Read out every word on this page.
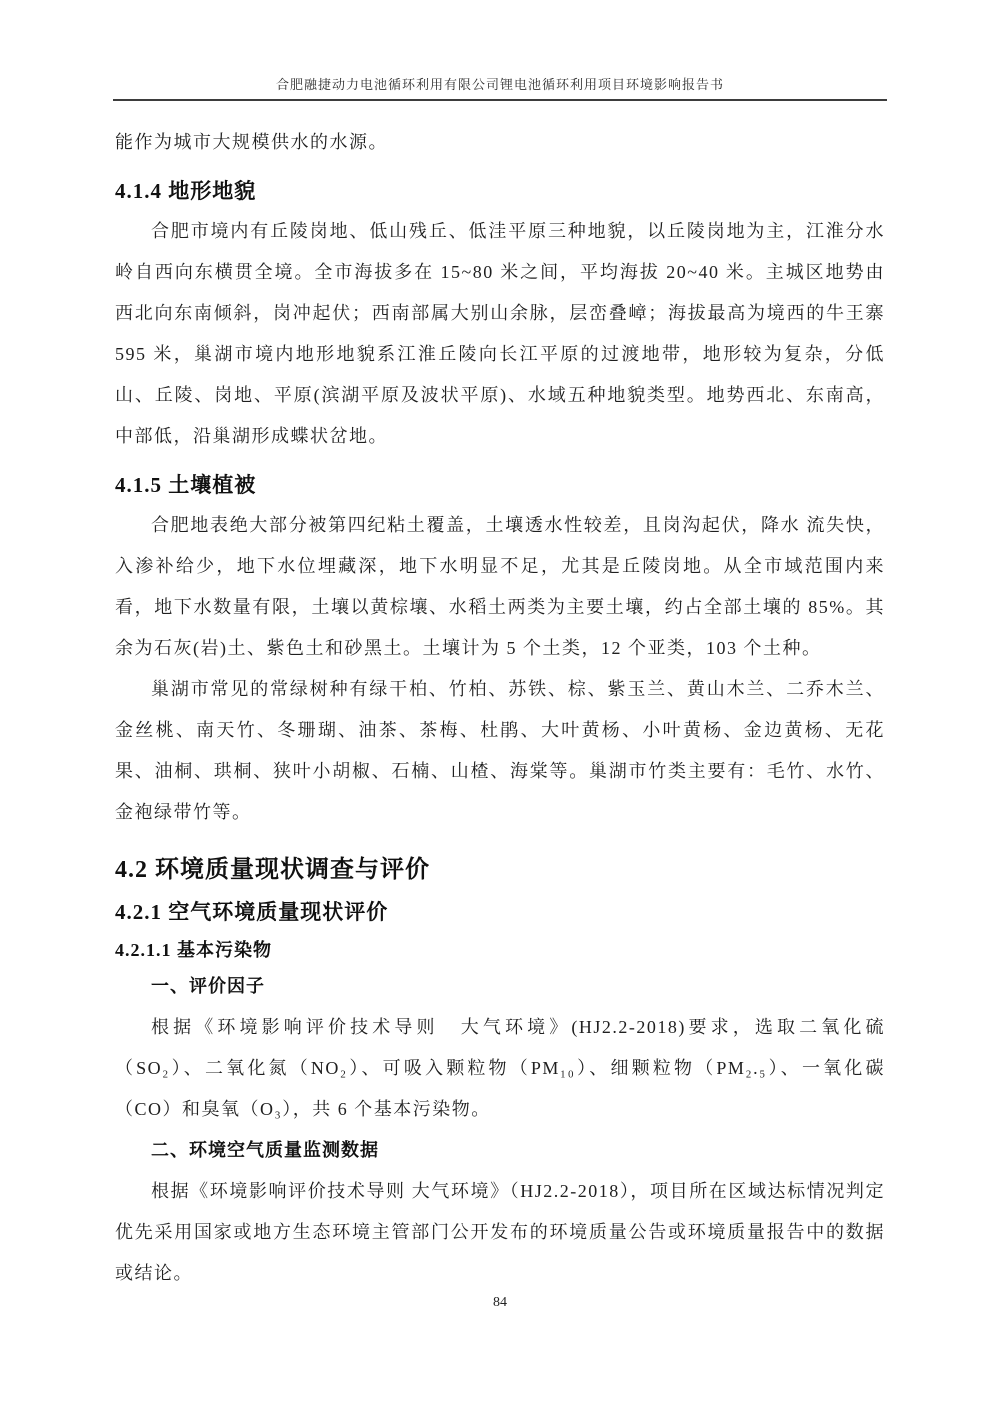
合肥融捷动力电池循环利用有限公司锂电池循环利用项目环境影响报告书

能作为城市大规模供水的水源。

4.1.4 地形地貌

合肥市境内有丘陵岗地、低山残丘、低洼平原三种地貌，以丘陵岗地为主，江淮分水岭自西向东横贯全境。全市海拔多在 15~80 米之间，平均海拔 20~40 米。主城区地势由西北向东南倾斜，岗冲起伏；西南部属大别山余脉，层峦叠嶂；海拔最高为境西的牛王寨 595 米，巢湖市境内地形地貌系江淮丘陵向长江平原的过渡地带，地形较为复杂，分低山、丘陵、岗地、平原(滨湖平原及波状平原)、水域五种地貌类型。地势西北、东南高，中部低，沿巢湖形成蝶状岔地。

4.1.5 土壤植被

合肥地表绝大部分被第四纪粘土覆盖，土壤透水性较差，且岗沟起伏，降水 流失快，入渗补给少，地下水位埋藏深，地下水明显不足，尤其是丘陵岗地。从全市域范围内来看，地下水数量有限，土壤以黄棕壤、水稻土两类为主要土壤，约占全部土壤的 85%。其余为石灰(岩)土、紫色土和砂黑土。土壤计为 5 个土类，12 个亚类，103 个土种。

巢湖市常见的常绿树种有绿干柏、竹柏、苏铁、棕、紫玉兰、黄山木兰、二乔木兰、金丝桃、南天竹、冬珊瑚、油茶、茶梅、杜鹃、大叶黄杨、小叶黄杨、金边黄杨、无花果、油桐、珙桐、狭叶小胡椒、石楠、山楂、海棠等。巢湖市竹类主要有：毛竹、水竹、金袍绿带竹等。

4.2 环境质量现状调查与评价
4.2.1 空气环境质量现状评价
4.2.1.1 基本污染物

一、评价因子

根据《环境影响评价技术导则　大气环境》(HJ2.2-2018)要求，选取二氧化硫（SO₂）、二氧化氮（NO₂）、可吸入颗粒物（PM₁₀）、细颗粒物（PM₂.₅）、一氧化碳（CO）和臭氧（O₃），共 6 个基本污染物。

二、环境空气质量监测数据

根据《环境影响评价技术导则 大气环境》（HJ2.2-2018），项目所在区域达标情况判定优先采用国家或地方生态环境主管部门公开发布的环境质量公告或环境质量报告中的数据或结论。

84
